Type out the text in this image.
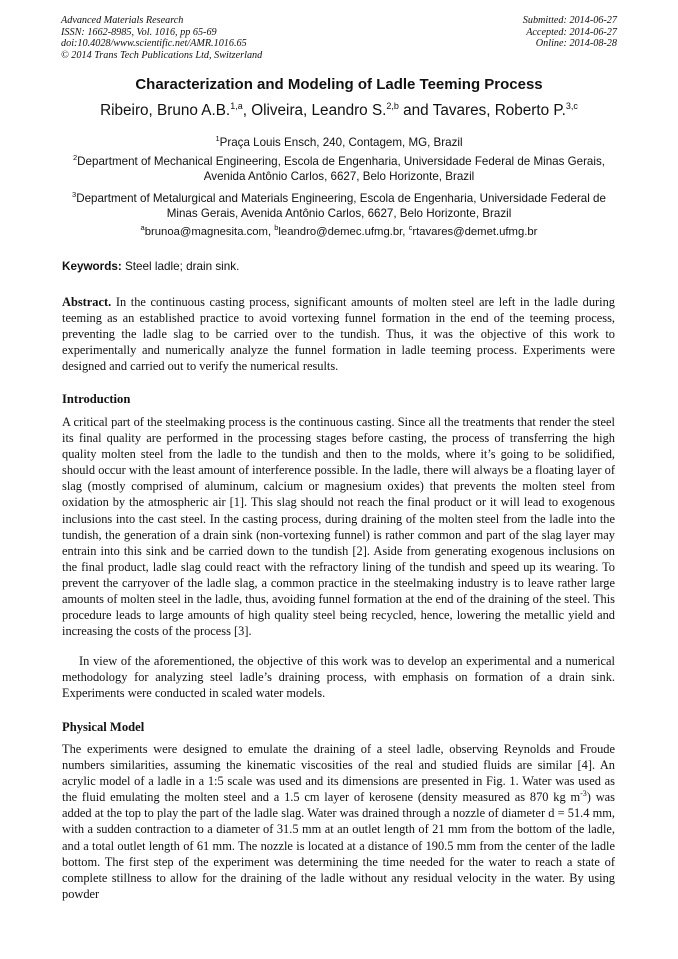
Advanced Materials Research
ISSN: 1662-8985, Vol. 1016, pp 65-69
doi:10.4028/www.scientific.net/AMR.1016.65
© 2014 Trans Tech Publications Ltd, Switzerland
Submitted: 2014-06-27
Accepted: 2014-06-27
Online: 2014-08-28
Characterization and Modeling of Ladle Teeming Process
Ribeiro, Bruno A.B.$^{1,a}$, Oliveira, Leandro S.$^{2,b}$ and Tavares, Roberto P.$^{3,c}$
$^1$Praça Louis Ensch, 240, Contagem, MG, Brazil
$^2$Department of Mechanical Engineering, Escola de Engenharia, Universidade Federal de Minas Gerais, Avenida Antônio Carlos, 6627, Belo Horizonte, Brazil
$^3$Department of Metalurgical and Materials Engineering, Escola de Engenharia, Universidade Federal de Minas Gerais, Avenida Antônio Carlos, 6627, Belo Horizonte, Brazil
$^a$brunoa@magnesita.com, $^b$leandro@demec.ufmg.br, $^c$rtavares@demet.ufmg.br
Keywords: Steel ladle; drain sink.
Abstract. In the continuous casting process, significant amounts of molten steel are left in the ladle during teeming as an established practice to avoid vortexing funnel formation in the end of the teeming process, preventing the ladle slag to be carried over to the tundish. Thus, it was the objective of this work to experimentally and numerically analyze the funnel formation in ladle teeming process. Experiments were designed and carried out to verify the numerical results.
Introduction
A critical part of the steelmaking process is the continuous casting. Since all the treatments that render the steel its final quality are performed in the processing stages before casting, the process of transferring the high quality molten steel from the ladle to the tundish and then to the molds, where it’s going to be solidified, should occur with the least amount of interference possible. In the ladle, there will always be a floating layer of slag (mostly comprised of aluminum, calcium or magnesium oxides) that prevents the molten steel from oxidation by the atmospheric air [1]. This slag should not reach the final product or it will lead to exogenous inclusions into the cast steel. In the casting process, during draining of the molten steel from the ladle into the tundish, the generation of a drain sink (non-vortexing funnel) is rather common and part of the slag layer may entrain into this sink and be carried down to the tundish [2]. Aside from generating exogenous inclusions on the final product, ladle slag could react with the refractory lining of the tundish and speed up its wearing. To prevent the carryover of the ladle slag, a common practice in the steelmaking industry is to leave rather large amounts of molten steel in the ladle, thus, avoiding funnel formation at the end of the draining of the steel. This procedure leads to large amounts of high quality steel being recycled, hence, lowering the metallic yield and increasing the costs of the process [3].
In view of the aforementioned, the objective of this work was to develop an experimental and a numerical methodology for analyzing steel ladle’s draining process, with emphasis on formation of a drain sink. Experiments were conducted in scaled water models.
Physical Model
The experiments were designed to emulate the draining of a steel ladle, observing Reynolds and Froude numbers similarities, assuming the kinematic viscosities of the real and studied fluids are similar [4]. An acrylic model of a ladle in a 1:5 scale was used and its dimensions are presented in Fig. 1. Water was used as the fluid emulating the molten steel and a 1.5 cm layer of kerosene (density measured as 870 kg $m^{-3}$) was added at the top to play the part of the ladle slag. Water was drained through a nozzle of diameter d = 51.4 mm, with a sudden contraction to a diameter of 31.5 mm at an outlet length of 21 mm from the bottom of the ladle, and a total outlet length of 61 mm. The nozzle is located at a distance of 190.5 mm from the center of the ladle bottom. The first step of the experiment was determining the time needed for the water to reach a state of complete stillness to allow for the draining of the ladle without any residual velocity in the water. By using powder
